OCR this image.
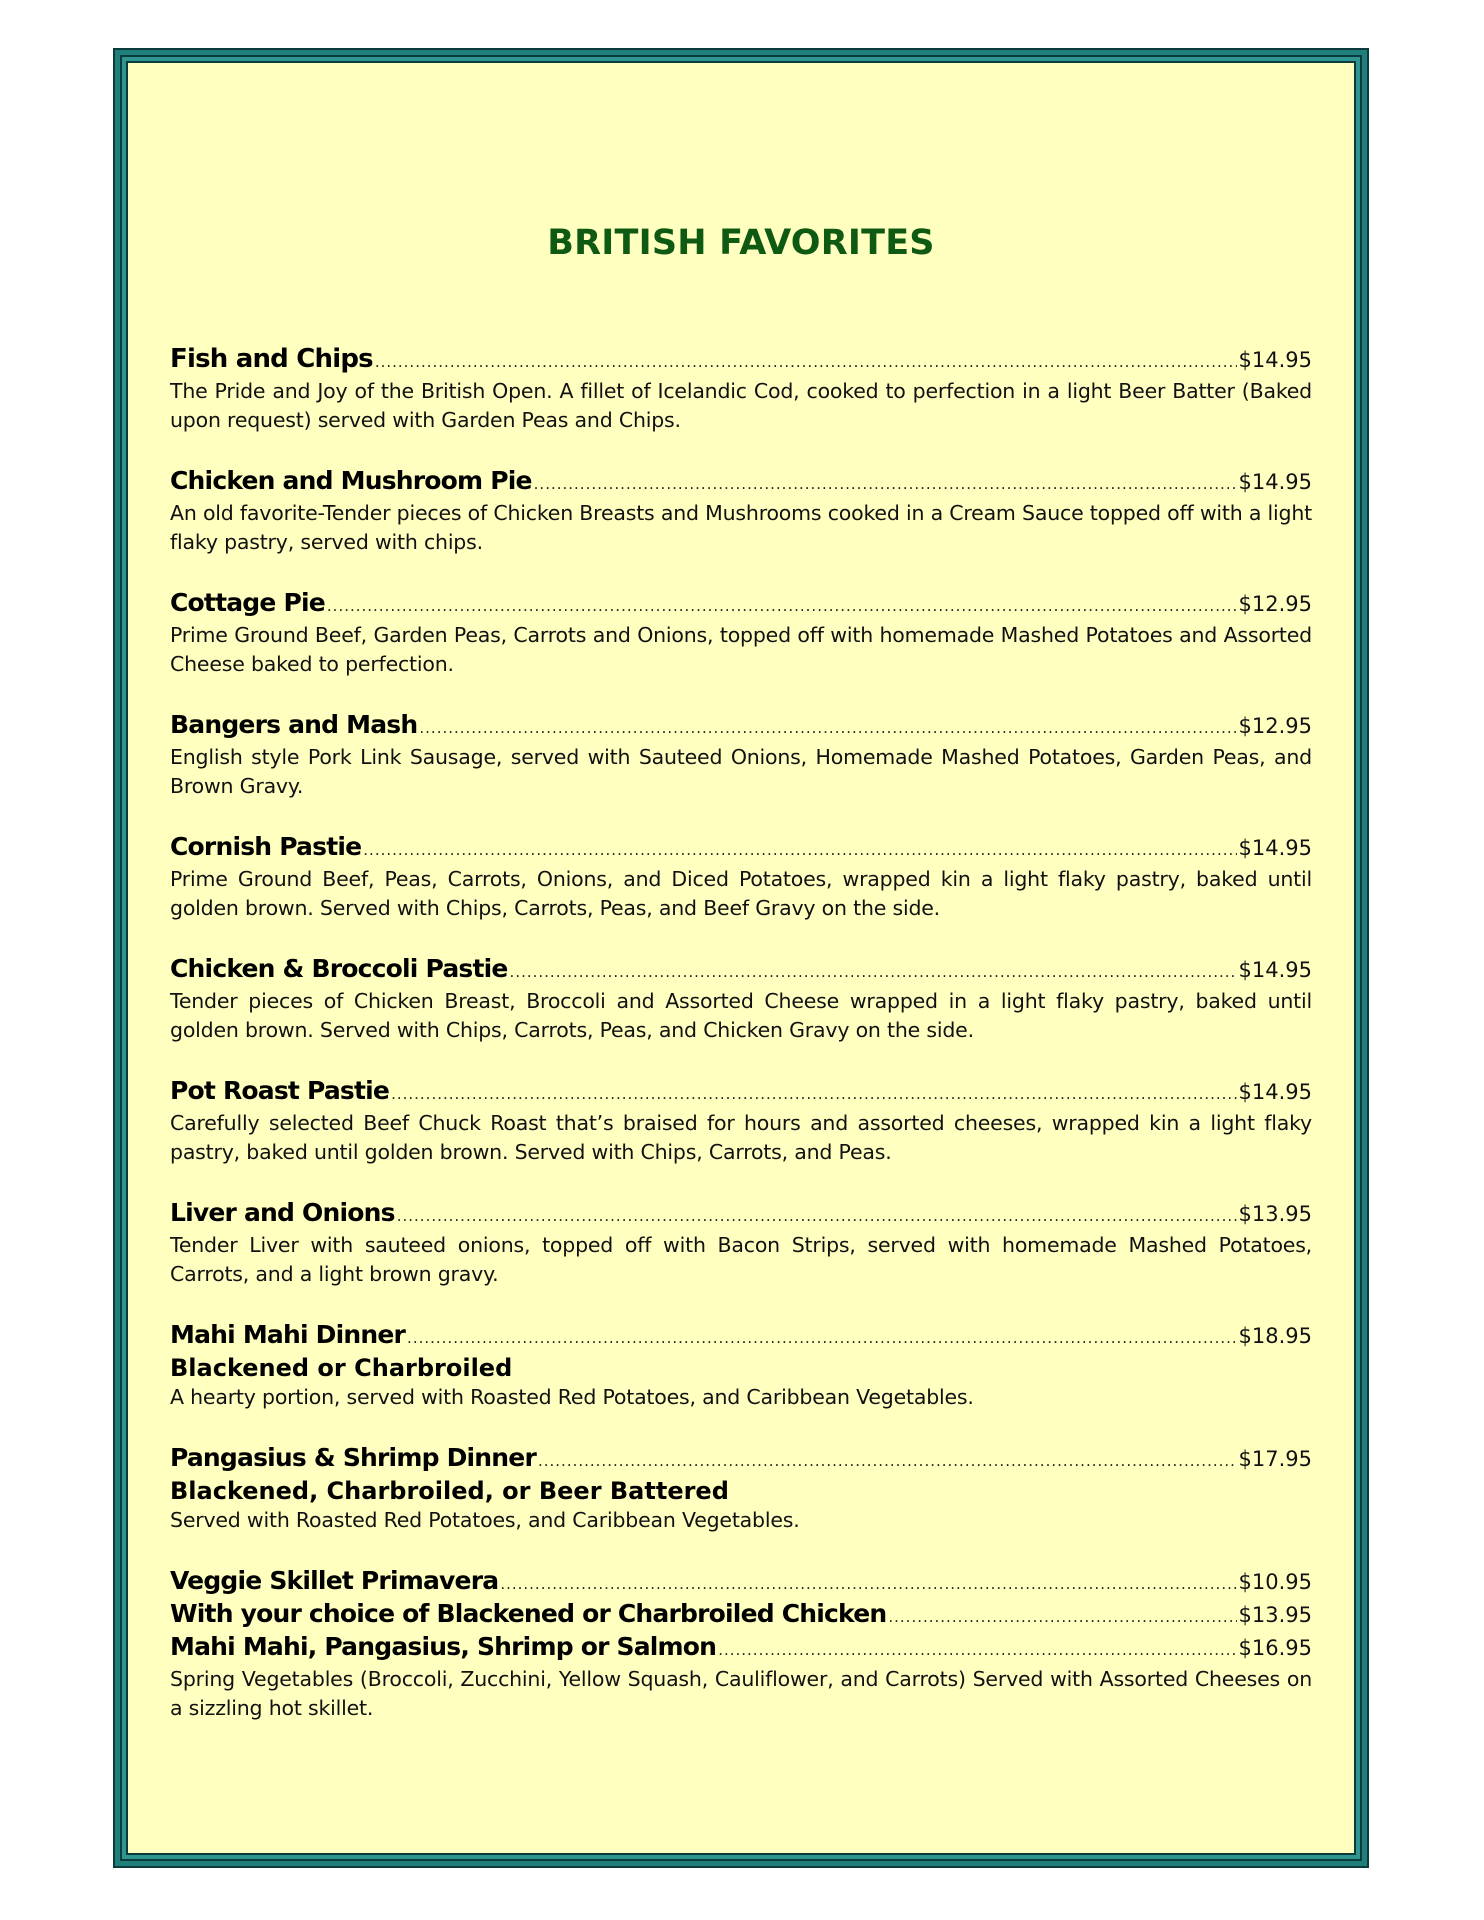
BRITISH FAVORITES
Fish and Chips .....	$14.95
The Pride and Joy of the British Open. A fillet of Icelandic Cod, cooked to perfection in a light Beer Batter (Baked upon request) served with Garden Peas and Chips.
Chicken and Mushroom Pie .....	$14.95
An old favorite-Tender pieces of Chicken Breasts and Mushrooms cooked in a Cream Sauce topped off with a light flaky pastry, served with chips.
Cottage Pie .....	$12.95
Prime Ground Beef, Garden Peas, Carrots and Onions, topped off with homemade Mashed Potatoes and Assorted Cheese baked to perfection.
Bangers and Mash .....	$12.95
English style Pork Link Sausage, served with Sauteed Onions, Homemade Mashed Potatoes, Garden Peas, and Brown Gravy.
Cornish Pastie .....	$14.95
Prime Ground Beef, Peas, Carrots, Onions, and Diced Potatoes, wrapped kin a light flaky pastry, baked until golden brown. Served with Chips, Carrots, Peas, and Beef Gravy on the side.
Chicken & Broccoli Pastie .....	$14.95
Tender pieces of Chicken Breast, Broccoli and Assorted Cheese wrapped in a light flaky pastry, baked until golden brown. Served with Chips, Carrots, Peas, and Chicken Gravy on the side.
Pot Roast Pastie .....	$14.95
Carefully selected Beef Chuck Roast that’s braised for hours and assorted cheeses, wrapped kin a light flaky pastry, baked until golden brown. Served with Chips, Carrots, and Peas.
Liver and Onions .....	$13.95
Tender Liver with sauteed onions, topped off with Bacon Strips, served with homemade Mashed Potatoes, Carrots, and a light brown gravy.
Mahi Mahi Dinner .....	$18.95
Blackened or Charbroiled
A hearty portion, served with Roasted Red Potatoes, and Caribbean Vegetables.
Pangasius & Shrimp Dinner .....	$17.95
Blackened, Charbroiled, or Beer Battered
Served with Roasted Red Potatoes, and Caribbean Vegetables.
Veggie Skillet Primavera .....	$10.95
With your choice of Blackened or Charbroiled Chicken .....	$13.95
Mahi Mahi, Pangasius, Shrimp or Salmon .....	$16.95
Spring Vegetables (Broccoli, Zucchini, Yellow Squash, Cauliflower, and Carrots) Served with Assorted Cheeses on a sizzling hot skillet.
